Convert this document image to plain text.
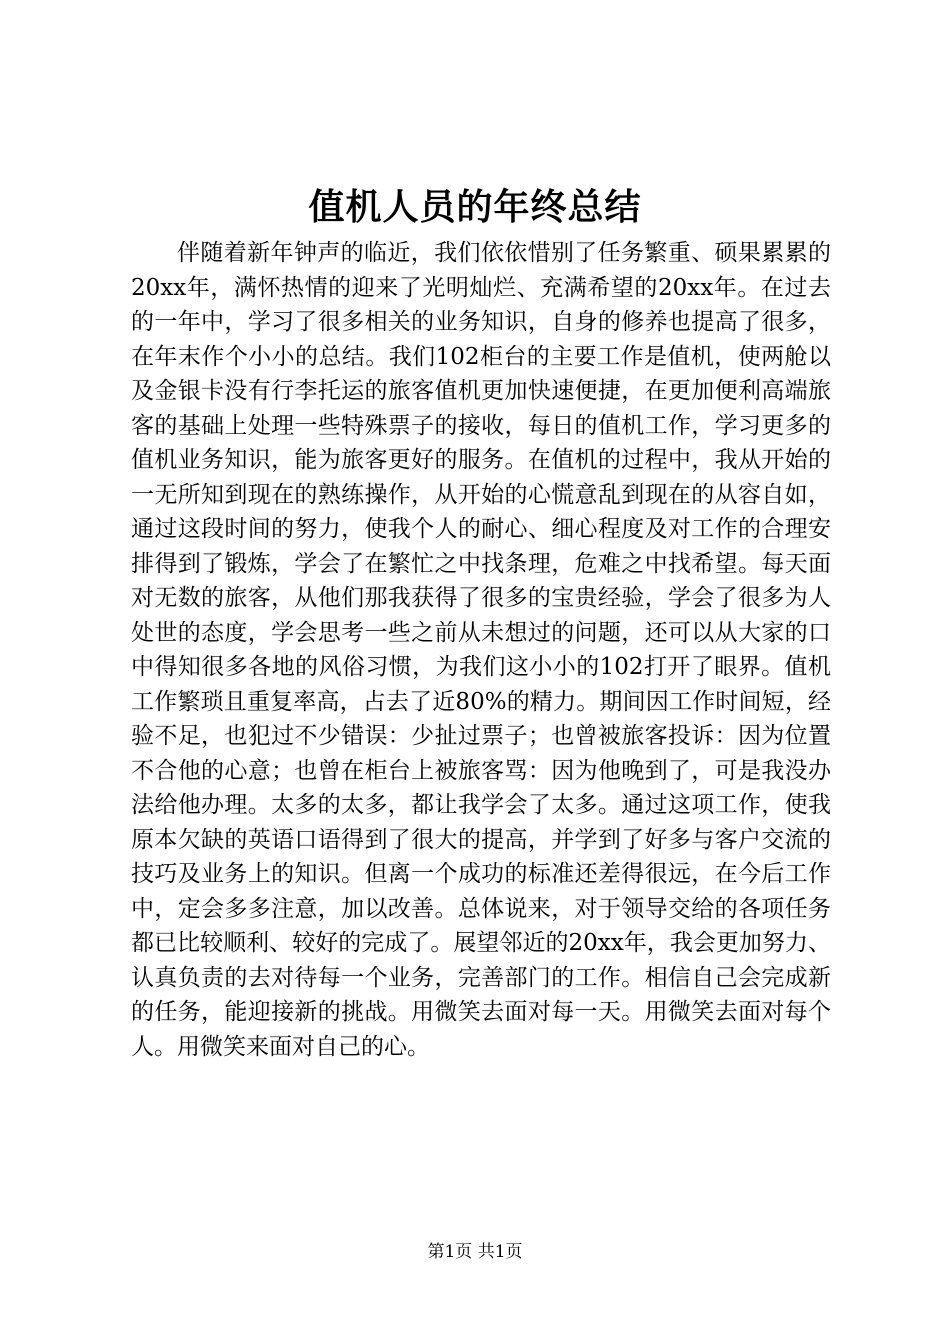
值机人员的年终总结

伴随着新年钟声的临近，我们依依惜别了任务繁重、硕果累累的20xx年，满怀热情的迎来了光明灿烂、充满希望的20xx年。在过去的一年中，学习了很多相关的业务知识，自身的修养也提高了很多，在年末作个小小的总结。我们102柜台的主要工作是值机，使两舱以及金银卡没有行李托运的旅客值机更加快速便捷，在更加便利高端旅客的基础上处理一些特殊票子的接收，每日的值机工作，学习更多的值机业务知识，能为旅客更好的服务。在值机的过程中，我从开始的一无所知到现在的熟练操作，从开始的心慌意乱到现在的从容自如，通过这段时间的努力，使我个人的耐心、细心程度及对工作的合理安排得到了锻炼，学会了在繁忙之中找条理，危难之中找希望。每天面对无数的旅客，从他们那我获得了很多的宝贵经验，学会了很多为人处世的态度，学会思考一些之前从未想过的问题，还可以从大家的口中得知很多各地的风俗习惯，为我们这小小的102打开了眼界。值机工作繁琐且重复率高，占去了近80%的精力。期间因工作时间短，经验不足，也犯过不少错误：少扯过票子；也曾被旅客投诉：因为位置不合他的心意；也曾在柜台上被旅客骂：因为他晚到了，可是我没办法给他办理。太多的太多，都让我学会了太多。通过这项工作，使我原本欠缺的英语口语得到了很大的提高，并学到了好多与客户交流的技巧及业务上的知识。但离一个成功的标准还差得很远，在今后工作中，定会多多注意，加以改善。总体说来，对于领导交给的各项任务都已比较顺利、较好的完成了。展望邻近的20xx年，我会更加努力、认真负责的去对待每一个业务，完善部门的工作。相信自己会完成新的任务，能迎接新的挑战。用微笑去面对每一天。用微笑去面对每个人。用微笑来面对自己的心。

第1页 共1页
